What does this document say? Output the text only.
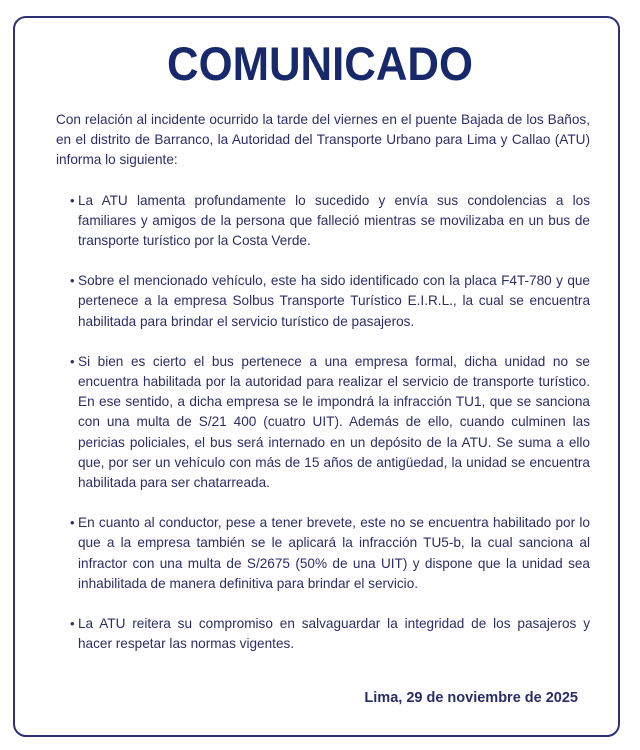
COMUNICADO

Con relación al incidente ocurrido la tarde del viernes en el puente Bajada de los Baños, en el distrito de Barranco, la Autoridad del Transporte Urbano para Lima y Callao (ATU) informa lo siguiente:

• La ATU lamenta profundamente lo sucedido y envía sus condolencias a los familiares y amigos de la persona que falleció mientras se movilizaba en un bus de transporte turístico por la Costa Verde.
• Sobre el mencionado vehículo, este ha sido identificado con la placa F4T-780 y que pertenece a la empresa Solbus Transporte Turístico E.I.R.L., la cual se encuentra habilitada para brindar el servicio turístico de pasajeros.
• Si bien es cierto el bus pertenece a una empresa formal, dicha unidad no se encuentra habilitada por la autoridad para realizar el servicio de transporte turístico. En ese sentido, a dicha empresa se le impondrá la infracción TU1, que se sanciona con una multa de S/21 400 (cuatro UIT). Además de ello, cuando culminen las pericias policiales, el bus será internado en un depósito de la ATU. Se suma a ello que, por ser un vehículo con más de 15 años de antigüedad, la unidad se encuentra habilitada para ser chatarreada.
• En cuanto al conductor, pese a tener brevete, este no se encuentra habilitado por lo que a la empresa también se le aplicará la infracción TU5-b, la cual sanciona al infractor con una multa de S/2675 (50% de una UIT) y dispone que la unidad sea inhabilitada de manera definitiva para brindar el servicio.
• La ATU reitera su compromiso en salvaguardar la integridad de los pasajeros y hacer respetar las normas vigentes.
Lima, 29 de noviembre de 2025
